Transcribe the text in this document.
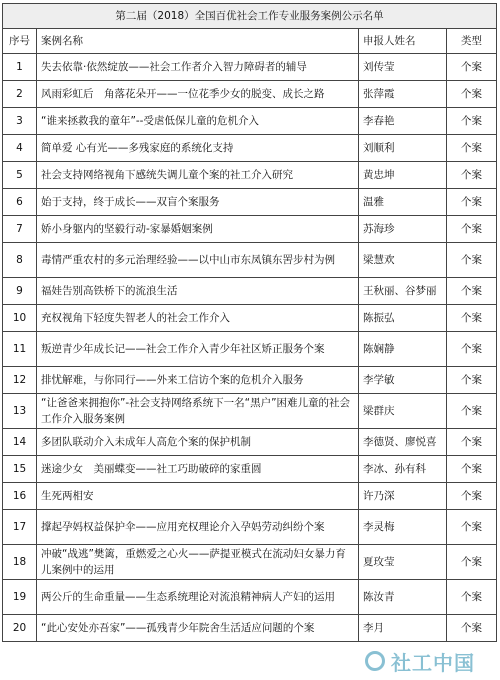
第二届（2018）全国百优社会工作专业服务案例公示名单			
序号	案例名称	申报人姓名	类型
1	失去依靠·依然绽放——社会工作者介入智力障碍者的辅导	刘传莹	个案
2	风雨彩虹后　角落花朵开——一位花季少女的脱变、成长之路	张萍霞	个案
3	“谁来拯救我的童年”--受虐低保儿童的危机介入	李春艳	个案
4	简单爱 心有光——多残家庭的系统化支持	刘顺利	个案
5	社会支持网络视角下感统失调儿童个案的社工介入研究	黄忠坤	个案
6	始于支持，终于成长——双盲个案服务	温雅	个案
7	娇小身躯内的坚毅行动-家暴婚姻案例	苏海珍	个案
8	毒情严重农村的多元治理经验——以中山市东凤镇东罟步村为例	梁慧欢	个案
9	福娃告别高铁桥下的流浪生活	王秋丽、谷梦丽	个案
10	充权视角下轻度失智老人的社会工作介入	陈振弘	个案
11	叛逆青少年成长记——社会工作介入青少年社区矫正服务个案	陈娴静	个案
12	排忧解难，与你同行——外来工信访个案的危机介入服务	李学敏	个案
13	“让爸爸来拥抱你”-社会支持网络系统下一名“黑户”困难儿童的社会工作介入服务案例	梁群庆	个案
14	多团队联动介入未成年人高危个案的保护机制	李德贤、廖悦喜	个案
15	迷途少女　美丽蝶变——社工巧助破碎的家重圆	李冰、孙有科	个案
16	生死两相安	许乃深	个案
17	撑起孕妈权益保护伞——应用充权理论介入孕妈劳动纠纷个案	李灵梅	个案
18	冲破“战逃”樊篱，重燃爱之心火——萨提亚模式在流动妇女暴力育儿案例中的运用	夏玫莹	个案
19	两公斤的生命重量——生态系统理论对流浪精神病人产妇的运用	陈汝青	个案
20	“此心安处亦吾家”——孤残青少年院舍生活适应问题的个案	李月	个案
社工中国
